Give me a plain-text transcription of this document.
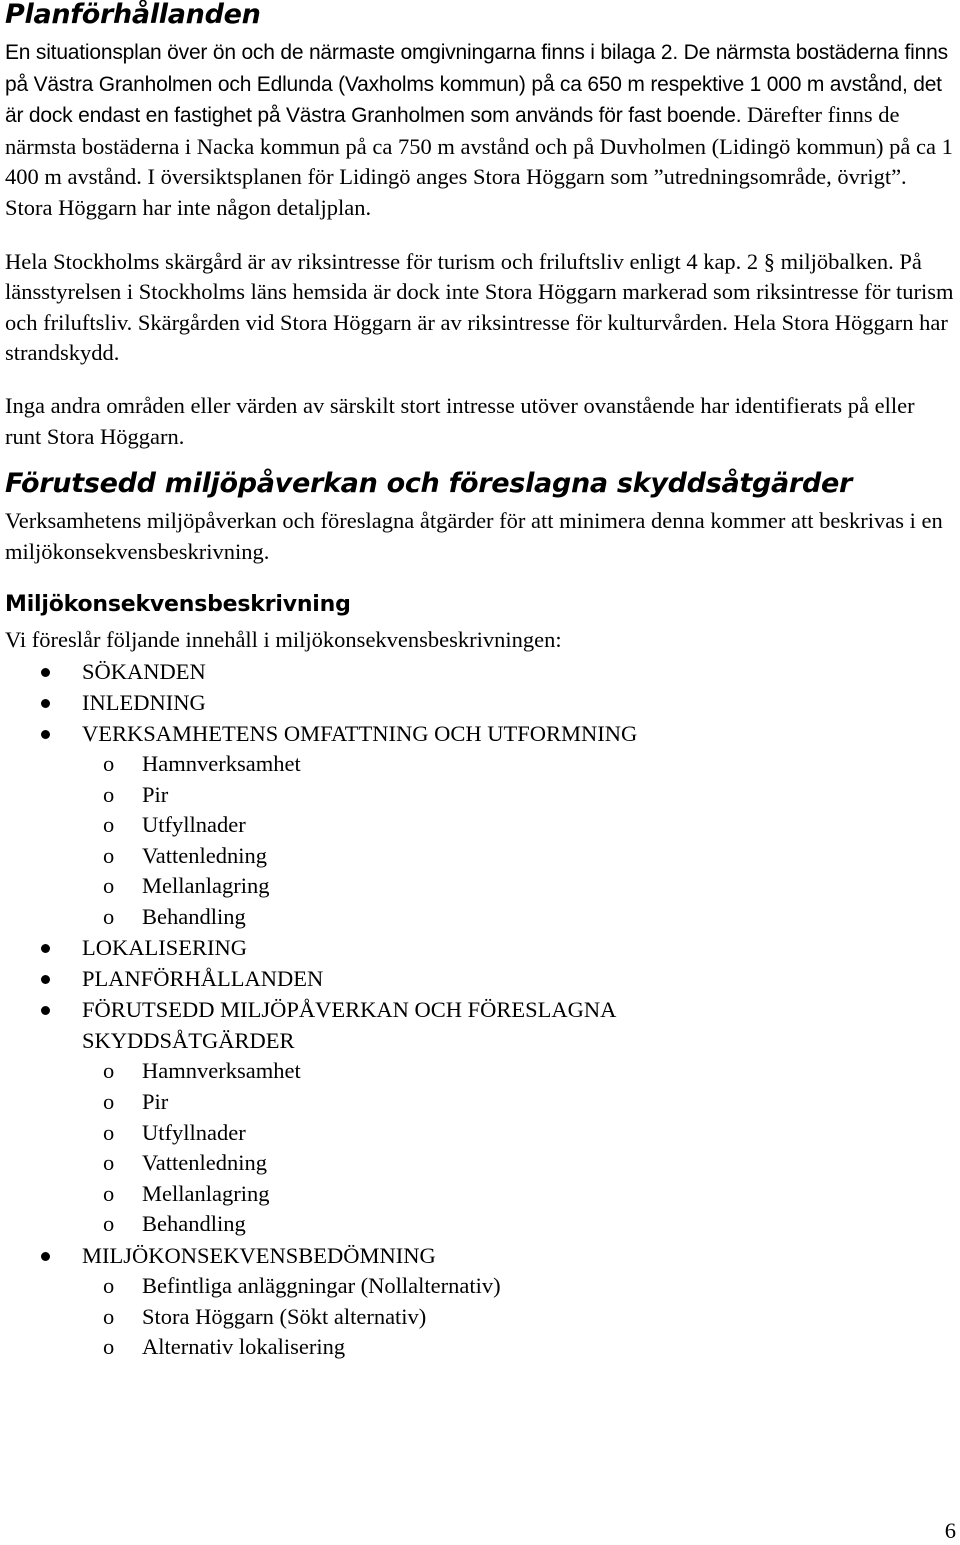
Planförhållanden

En situationsplan över ön och de närmaste omgivningarna finns i bilaga 2. De närmsta bostäderna finns på Västra Granholmen och Edlunda (Vaxholms kommun) på ca 650 m respektive 1 000 m avstånd, det är dock endast en fastighet på Västra Granholmen som används för fast boende. Därefter finns de närmsta bostäderna i Nacka kommun på ca 750 m avstånd och på Duvholmen (Lidingö kommun) på ca 1 400 m avstånd. I översiktsplanen för Lidingö anges Stora Höggarn som ”utredningsområde, övrigt”. Stora Höggarn har inte någon detaljplan.

Hela Stockholms skärgård är av riksintresse för turism och friluftsliv enligt 4 kap. 2 § miljöbalken. På länsstyrelsen i Stockholms läns hemsida är dock inte Stora Höggarn markerad som riksintresse för turism och friluftsliv. Skärgården vid Stora Höggarn är av riksintresse för kulturvården. Hela Stora Höggarn har strandskydd.

Inga andra områden eller värden av särskilt stort intresse utöver ovanstående har identifierats på eller runt Stora Höggarn.

Förutsedd miljöpåverkan och föreslagna skyddsåtgärder

Verksamhetens miljöpåverkan och föreslagna åtgärder för att minimera denna kommer att beskrivas i en miljökonsekvensbeskrivning.

Miljökonsekvensbeskrivning

Vi föreslår följande innehåll i miljökonsekvensbeskrivningen:

SÖKANDEN
INLEDNING
VERKSAMHETENS OMFATTNING OCH UTFORMNING
o Hamnverksamhet
o Pir
o Utfyllnader
o Vattenledning
o Mellanlagring
o Behandling
LOKALISERING
PLANFÖRHÅLLANDEN
FÖRUTSEDD MILJÖPÅVERKAN OCH FÖRESLAGNA SKYDDSÅTGÄRDER
o Hamnverksamhet
o Pir
o Utfyllnader
o Vattenledning
o Mellanlagring
o Behandling
MILJÖKONSEKVENSBEDÖMNING
o Befintliga anläggningar (Nollalternativ)
o Stora Höggarn (Sökt alternativ)
o Alternativ lokalisering
6
